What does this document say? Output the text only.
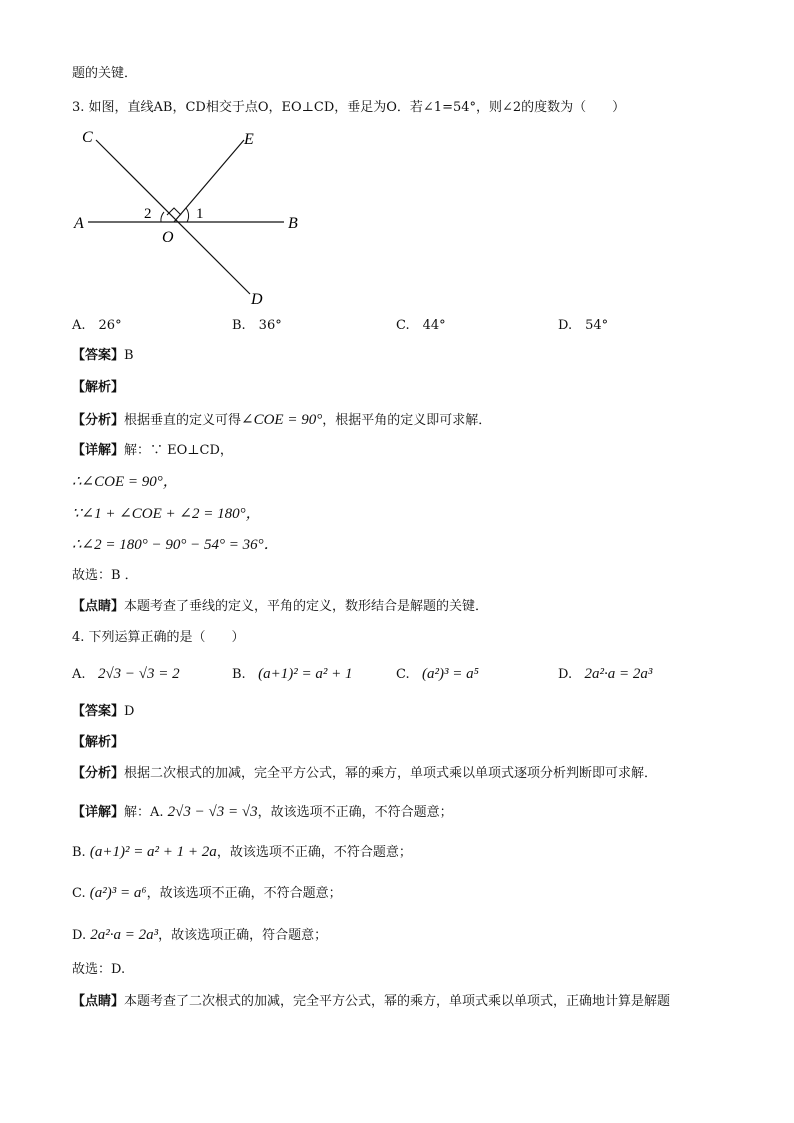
题的关键．
3. 如图，直线AB，CD相交于点O，EO⊥CD，垂足为O．若∠1=54°，则∠2的度数为（　　）
C	E
A	B
O
D
1
2
A.　26°	B.　36°	C.　44°	D.　54°
【答案】B
【解析】
【分析】根据垂直的定义可得∠COE = 90°，根据平角的定义即可求解．
【详解】解：∵ EO⊥CD，
∴∠COE = 90°，
∵∠1 + ∠COE + ∠2 = 180°，
∴∠2 = 180° − 90° − 54° = 36°．
故选：B ．
【点睛】本题考查了垂线的定义，平角的定义，数形结合是解题的关键．
4. 下列运算正确的是（　　）
A. 2√3 − √3 = 2	B. (a+1)² = a² + 1	C. (a²)³ = a⁵	D. 2a²·a = 2a³
【答案】D
【解析】
【分析】根据二次根式的加减，完全平方公式，幂的乘方，单项式乘以单项式逐项分析判断即可求解．
【详解】解：A. 2√3 − √3 = √3，故该选项不正确，不符合题意；
B. (a+1)² = a² + 1 + 2a，故该选项不正确，不符合题意；
C. (a²)³ = a⁶，故该选项不正确，不符合题意；
D. 2a²·a = 2a³，故该选项正确，符合题意；
故选：D.
【点睛】本题考查了二次根式的加减，完全平方公式，幂的乘方，单项式乘以单项式，正确地计算是解题
